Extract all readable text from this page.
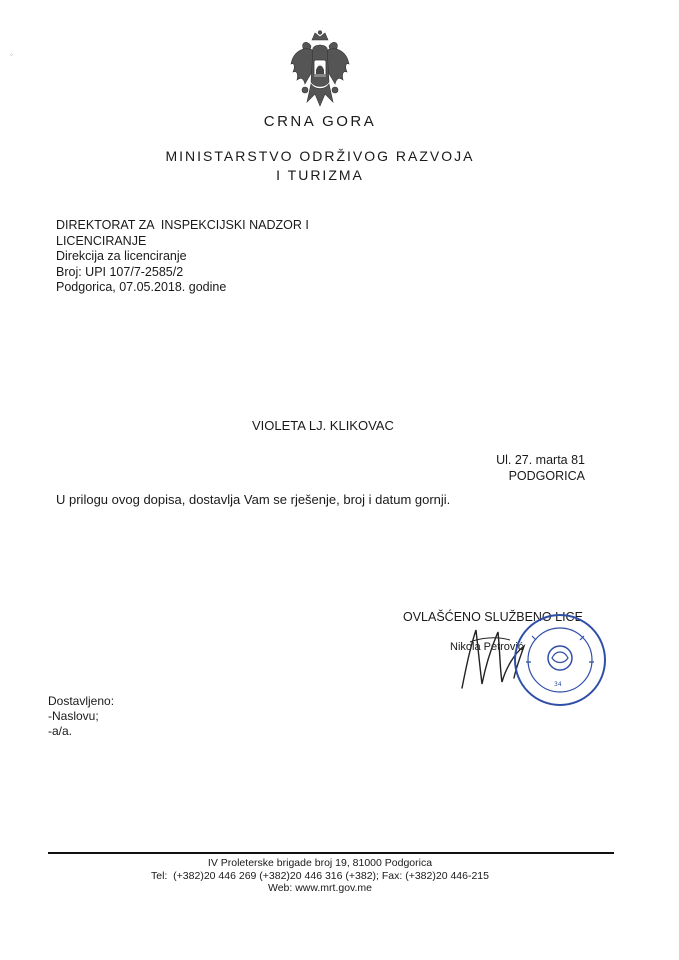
◦
CRNA GORA
MINISTARSTVO ODRŽIVOG RAZVOJA
I TURIZMA
DIREKTORAT ZA  INSPEKCIJSKI NADZOR I
LICENCIRANJE
Direkcija za licenciranje
Broj: UPI 107/7-2585/2
Podgorica, 07.05.2018. godine
VIOLETA LJ. KLIKOVAC
Ul. 27. marta 81
PODGORICA
U prilogu ovog dopisa, dostavlja Vam se rješenje, broj i datum gornji.
OVLAŠĆENO SLUŽBENO LICE
Nikola Petrović
34
Dostavljeno:
-Naslovu;
-a/a.
IV Proleterske brigade broj 19, 81000 Podgorica
Tel:  (+382)20 446 269 (+382)20 446 316 (+382); Fax: (+382)20 446-215
Web: www.mrt.gov.me
